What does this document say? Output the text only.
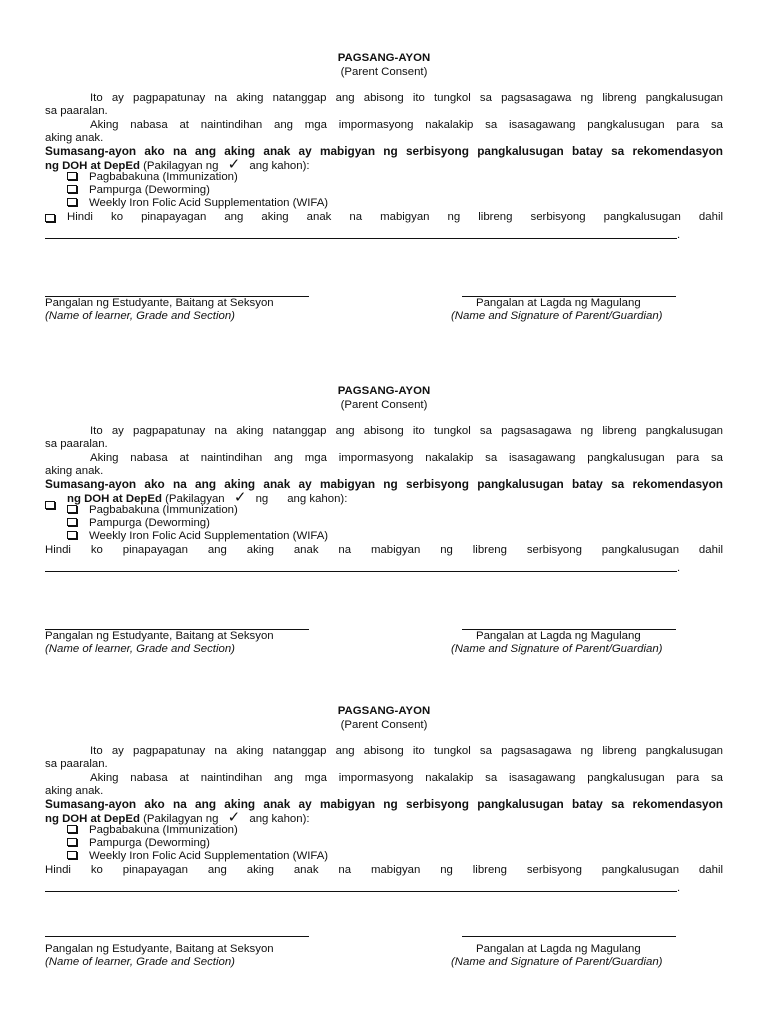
PAGSANG-AYON
(Parent Consent)
Ito ay pagpapatunay na aking natanggap ang abisong ito tungkol sa pagsasagawa ng libreng pangkalusugan
sa paaralan.
Aking nabasa at naintindihan ang mga impormasyong nakalakip sa isasagawang pangkalusugan para sa
aking anak.
Sumasang-ayon ako na ang aking anak ay mabigyan ng serbisyong pangkalusugan batay sa rekomendasyon
ng DOH at DepEd (Pakilagyan ng ✓ ang kahon):
Pagbabakuna (Immunization)
Pampurga (Deworming)
Weekly Iron Folic Acid Supplementation (WIFA)
Hindi ko pinapayagan ang aking anak na mabigyan ng libreng serbisyong pangkalusugan dahil
.
Pangalan ng Estudyante, Baitang at Seksyon
(Name of learner, Grade and Section)
Pangalan at Lagda ng Magulang
(Name and Signature of Parent/Guardian)
PAGSANG-AYON
(Parent Consent)
Ito ay pagpapatunay na aking natanggap ang abisong ito tungkol sa pagsasagawa ng libreng pangkalusugan
sa paaralan.
Aking nabasa at naintindihan ang mga impormasyong nakalakip sa isasagawang pangkalusugan para sa
aking anak.
Sumasang-ayon ako na ang aking anak ay mabigyan ng serbisyong pangkalusugan batay sa rekomendasyon
ng DOH at DepEd (Pakilagyan ✓ ng      ang kahon):
Pagbabakuna (Immunization)
Pampurga (Deworming)
Weekly Iron Folic Acid Supplementation (WIFA)
Hindi ko pinapayagan ang aking anak na mabigyan ng libreng serbisyong pangkalusugan dahil
.
Pangalan ng Estudyante, Baitang at Seksyon
(Name of learner, Grade and Section)
Pangalan at Lagda ng Magulang
(Name and Signature of Parent/Guardian)
PAGSANG-AYON
(Parent Consent)
Ito ay pagpapatunay na aking natanggap ang abisong ito tungkol sa pagsasagawa ng libreng pangkalusugan
sa paaralan.
Aking nabasa at naintindihan ang mga impormasyong nakalakip sa isasagawang pangkalusugan para sa
aking anak.
Sumasang-ayon ako na ang aking anak ay mabigyan ng serbisyong pangkalusugan batay sa rekomendasyon
ng DOH at DepEd (Pakilagyan ng ✓ ang kahon):
Pagbabakuna (Immunization)
Pampurga (Deworming)
Weekly Iron Folic Acid Supplementation (WIFA)
Hindi ko pinapayagan ang aking anak na mabigyan ng libreng serbisyong pangkalusugan dahil
.
Pangalan ng Estudyante, Baitang at Seksyon
(Name of learner, Grade and Section)
Pangalan at Lagda ng Magulang
(Name and Signature of Parent/Guardian)
